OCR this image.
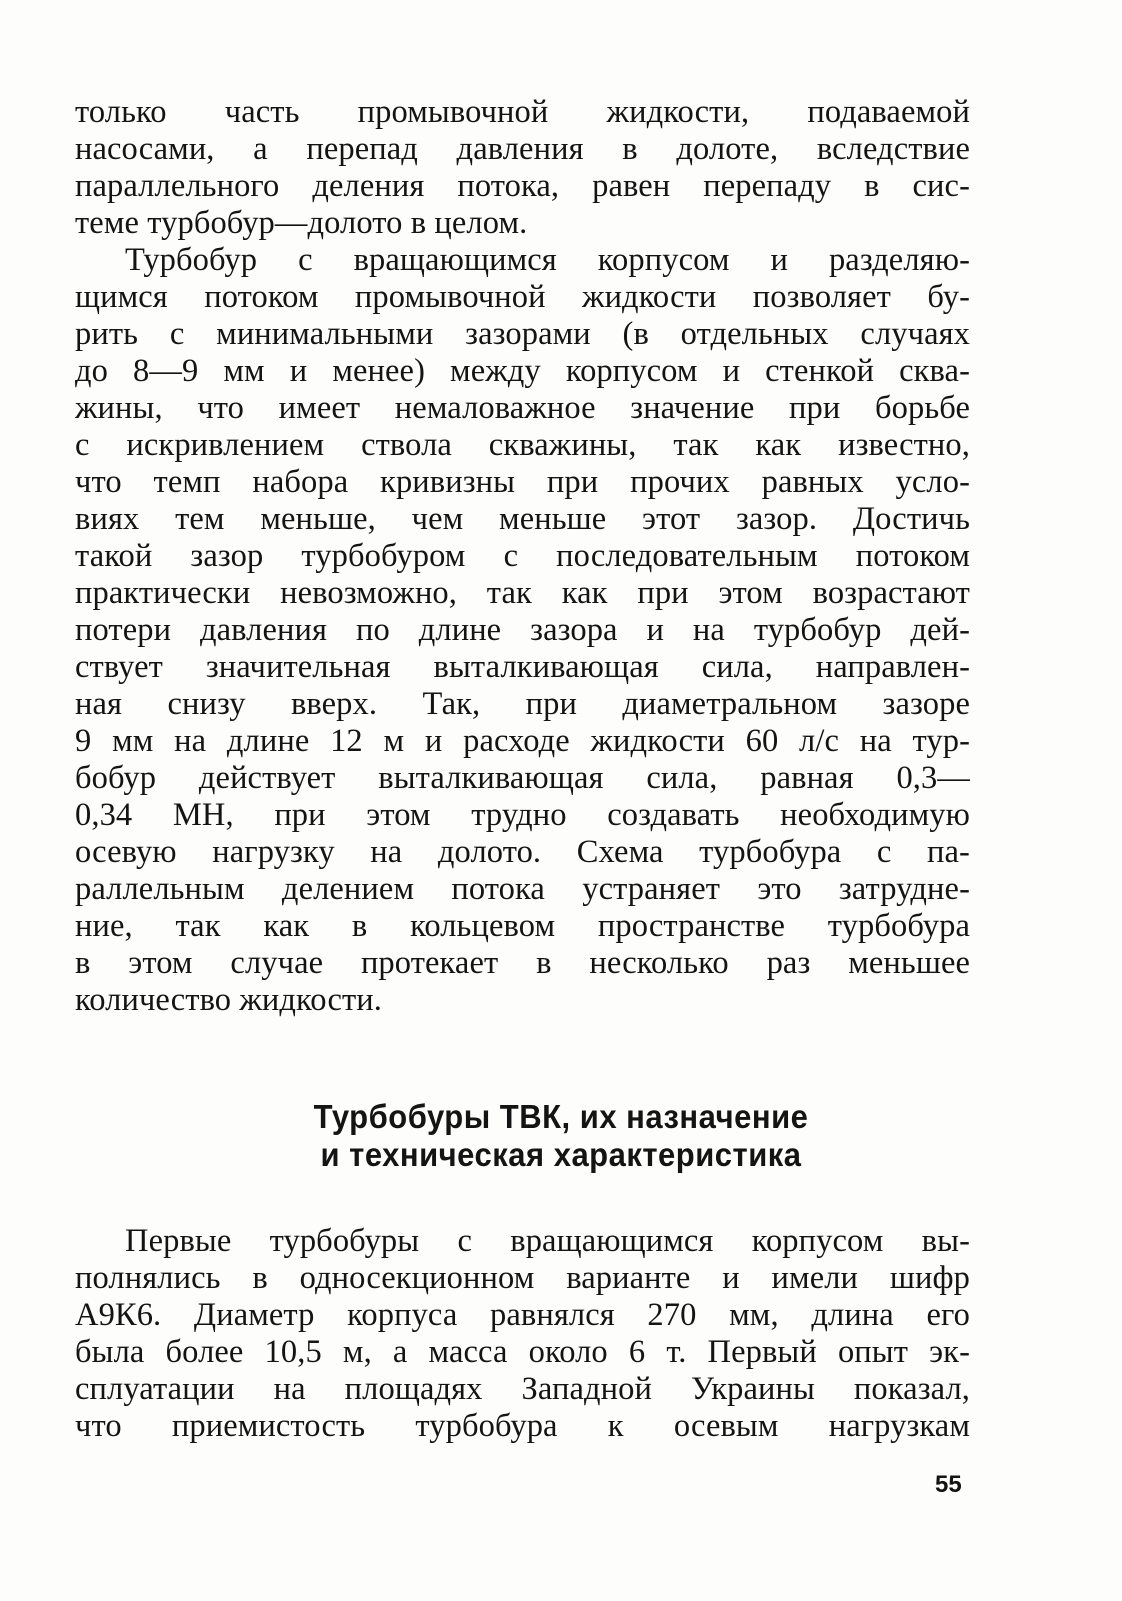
только часть промывочной жидкости, подаваемой
насосами, а перепад давления в долоте, вследствие
параллельного деления потока, равен перепаду в сис-
теме турбобур—долото в целом.
Турбобур с вращающимся корпусом и разделяю-
щимся потоком промывочной жидкости позволяет бу-
рить с минимальными зазорами (в отдельных случаях
до 8—9 мм и менее) между корпусом и стенкой сква-
жины, что имеет немаловажное значение при борьбе
с искривлением ствола скважины, так как известно,
что темп набора кривизны при прочих равных усло-
виях тем меньше, чем меньше этот зазор. Достичь
такой зазор турбобуром с последовательным потоком
практически невозможно, так как при этом возрастают
потери давления по длине зазора и на турбобур дей-
ствует значительная выталкивающая сила, направлен-
ная снизу вверх. Так, при диаметральном зазоре
9 мм на длине 12 м и расходе жидкости 60 л/с на тур-
бобур действует выталкивающая сила, равная 0,3—
0,34 МН, при этом трудно создавать необходимую
осевую нагрузку на долото. Схема турбобура с па-
раллельным делением потока устраняет это затрудне-
ние, так как в кольцевом пространстве турбобура
в этом случае протекает в несколько раз меньшее
количество жидкости.
Турбобуры ТВК, их назначение
и техническая характеристика
Первые турбобуры с вращающимся корпусом вы-
полнялись в односекционном варианте и имели шифр
А9К6. Диаметр корпуса равнялся 270 мм, длина его
была более 10,5 м, а масса около 6 т. Первый опыт эк-
сплуатации на площадях Западной Украины показал,
что приемистость турбобура к осевым нагрузкам
55
